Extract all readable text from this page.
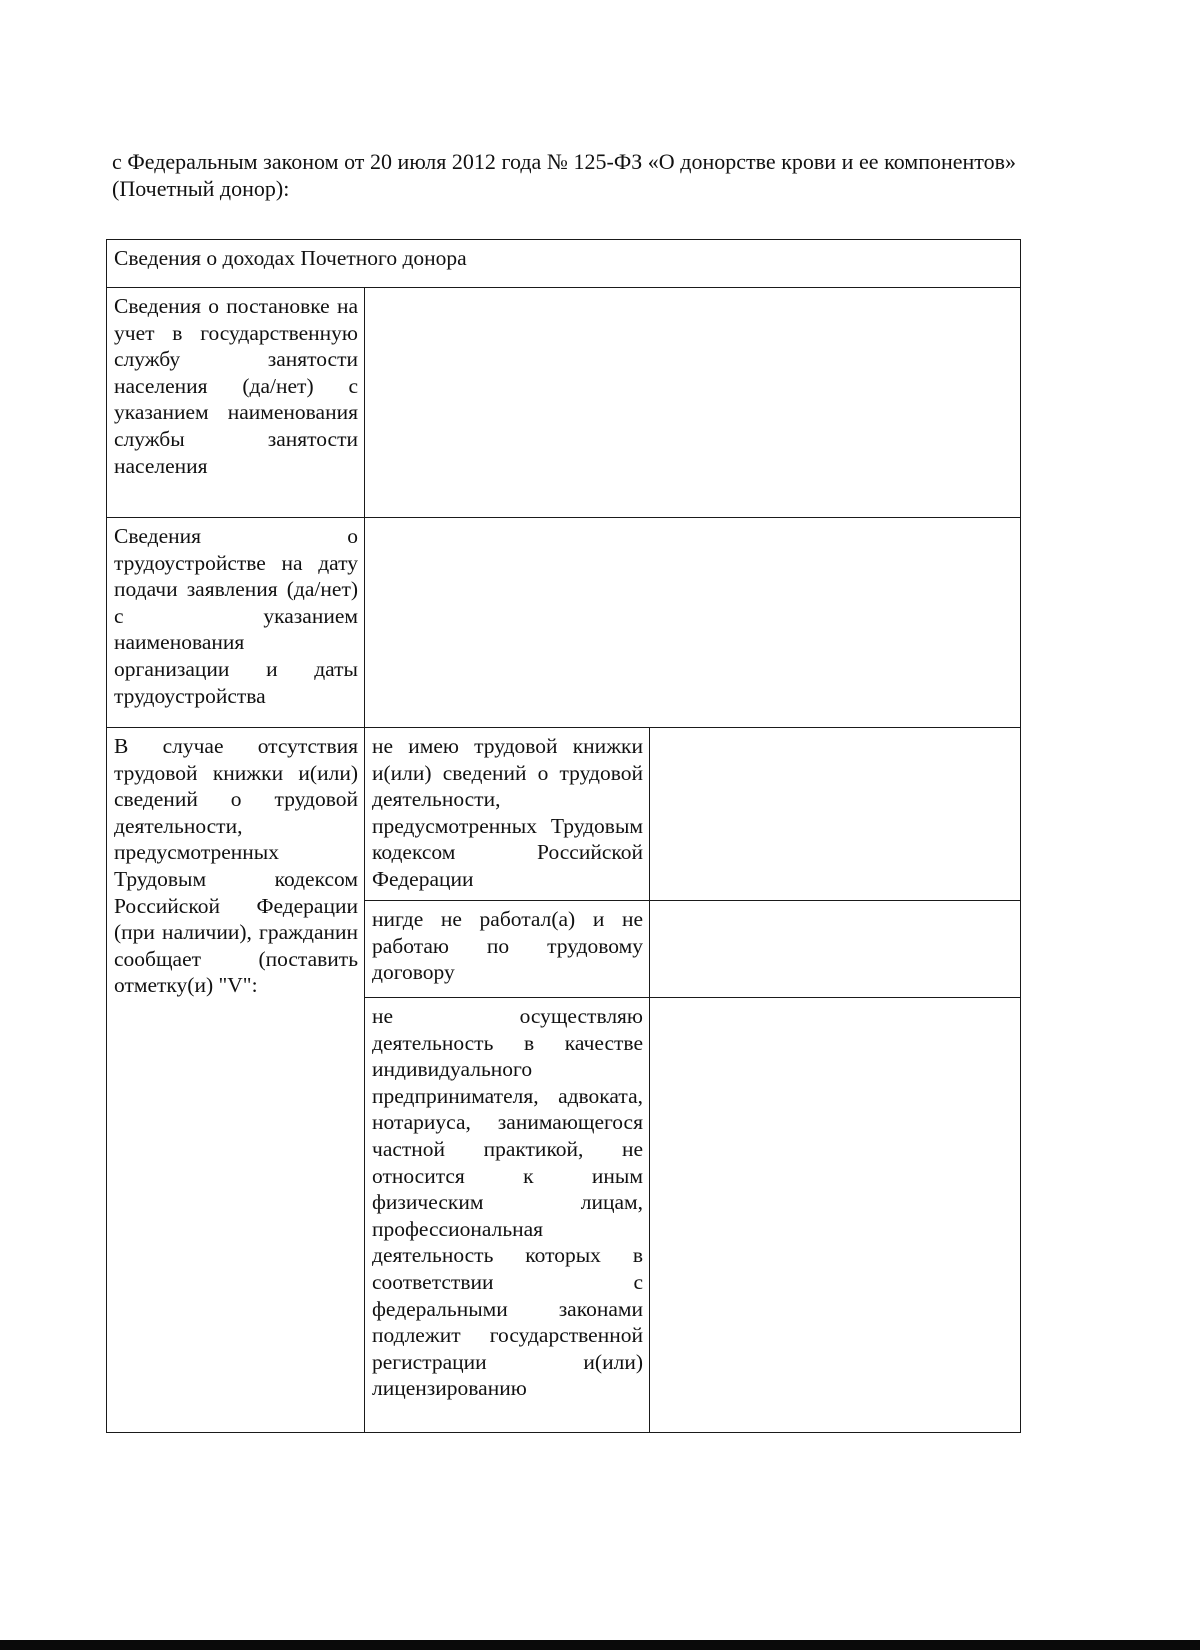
с Федеральным законом от 20 июля 2012 года № 125-ФЗ «О донорстве крови и ее компонентов» (Почетный донор):

Сведения о доходах Почетного донора		
Сведения о постановке на учет в государственную службу занятости населения (да/нет) с указанием наименования службы занятости населения		
Сведения о трудоустройстве на дату подачи заявления (да/нет) с указанием наименования организации и даты трудоустройства		
В случае отсутствия трудовой книжки и(или) сведений о трудовой деятельности, предусмотренных Трудовым кодексом Российской Федерации (при наличии), гражданин сообщает (поставить отметку(и) "V":	не имею трудовой книжки и(или) сведений о трудовой деятельности, предусмотренных Трудовым кодексом Российской Федерации	
	нигде не работал(а) и не работаю по трудовому договору	
	не осуществляю деятельность в качестве индивидуального предпринимателя, адвоката, нотариуса, занимающегося частной практикой, не относится к иным физическим лицам, профессиональная деятельность которых в соответствии с федеральными законами подлежит государственной регистрации и(или) лицензированию	
